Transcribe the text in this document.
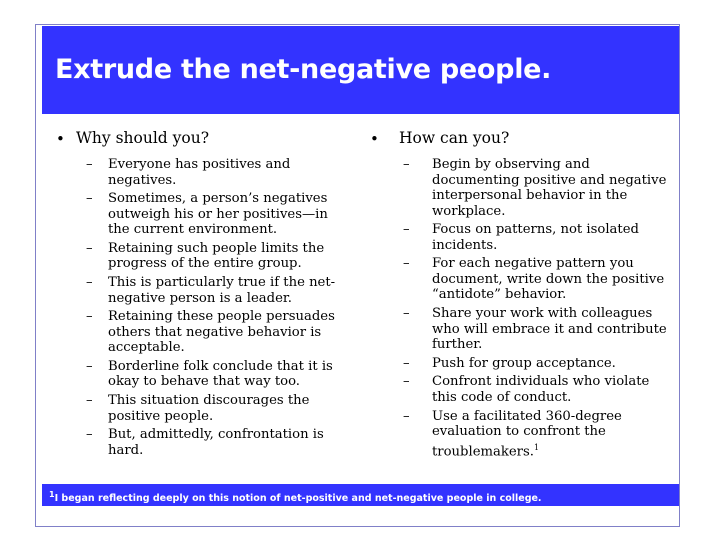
Extrude the net-negative people.
• Why should you?
–	Everyone has positives and negatives.
–	Sometimes, a person’s negatives outweigh his or her positives—in the current environment.
–	Retaining such people limits the progress of the entire group.
–	This is particularly true if the net-negative person is a leader.
–	Retaining these people persuades others that negative behavior is acceptable.
–	Borderline folk conclude that it is okay to behave that way too.
–	This situation discourages the positive people.
–	But, admittedly, confrontation is hard.
•	How can you?
–	Begin by observing and documenting positive and negative interpersonal behavior in the workplace.
–	Focus on patterns, not isolated incidents.
–	For each negative pattern you document, write down the positive “antidote” behavior.
–	Share your work with colleagues who will embrace it and contribute further.
–	Push for group acceptance.
–	Confront individuals who violate this code of conduct.
–	Use a facilitated 360-degree evaluation to confront the troublemakers.$^1$
$^1$I began reflecting deeply on this notion of net-positive and net-negative people in college.
